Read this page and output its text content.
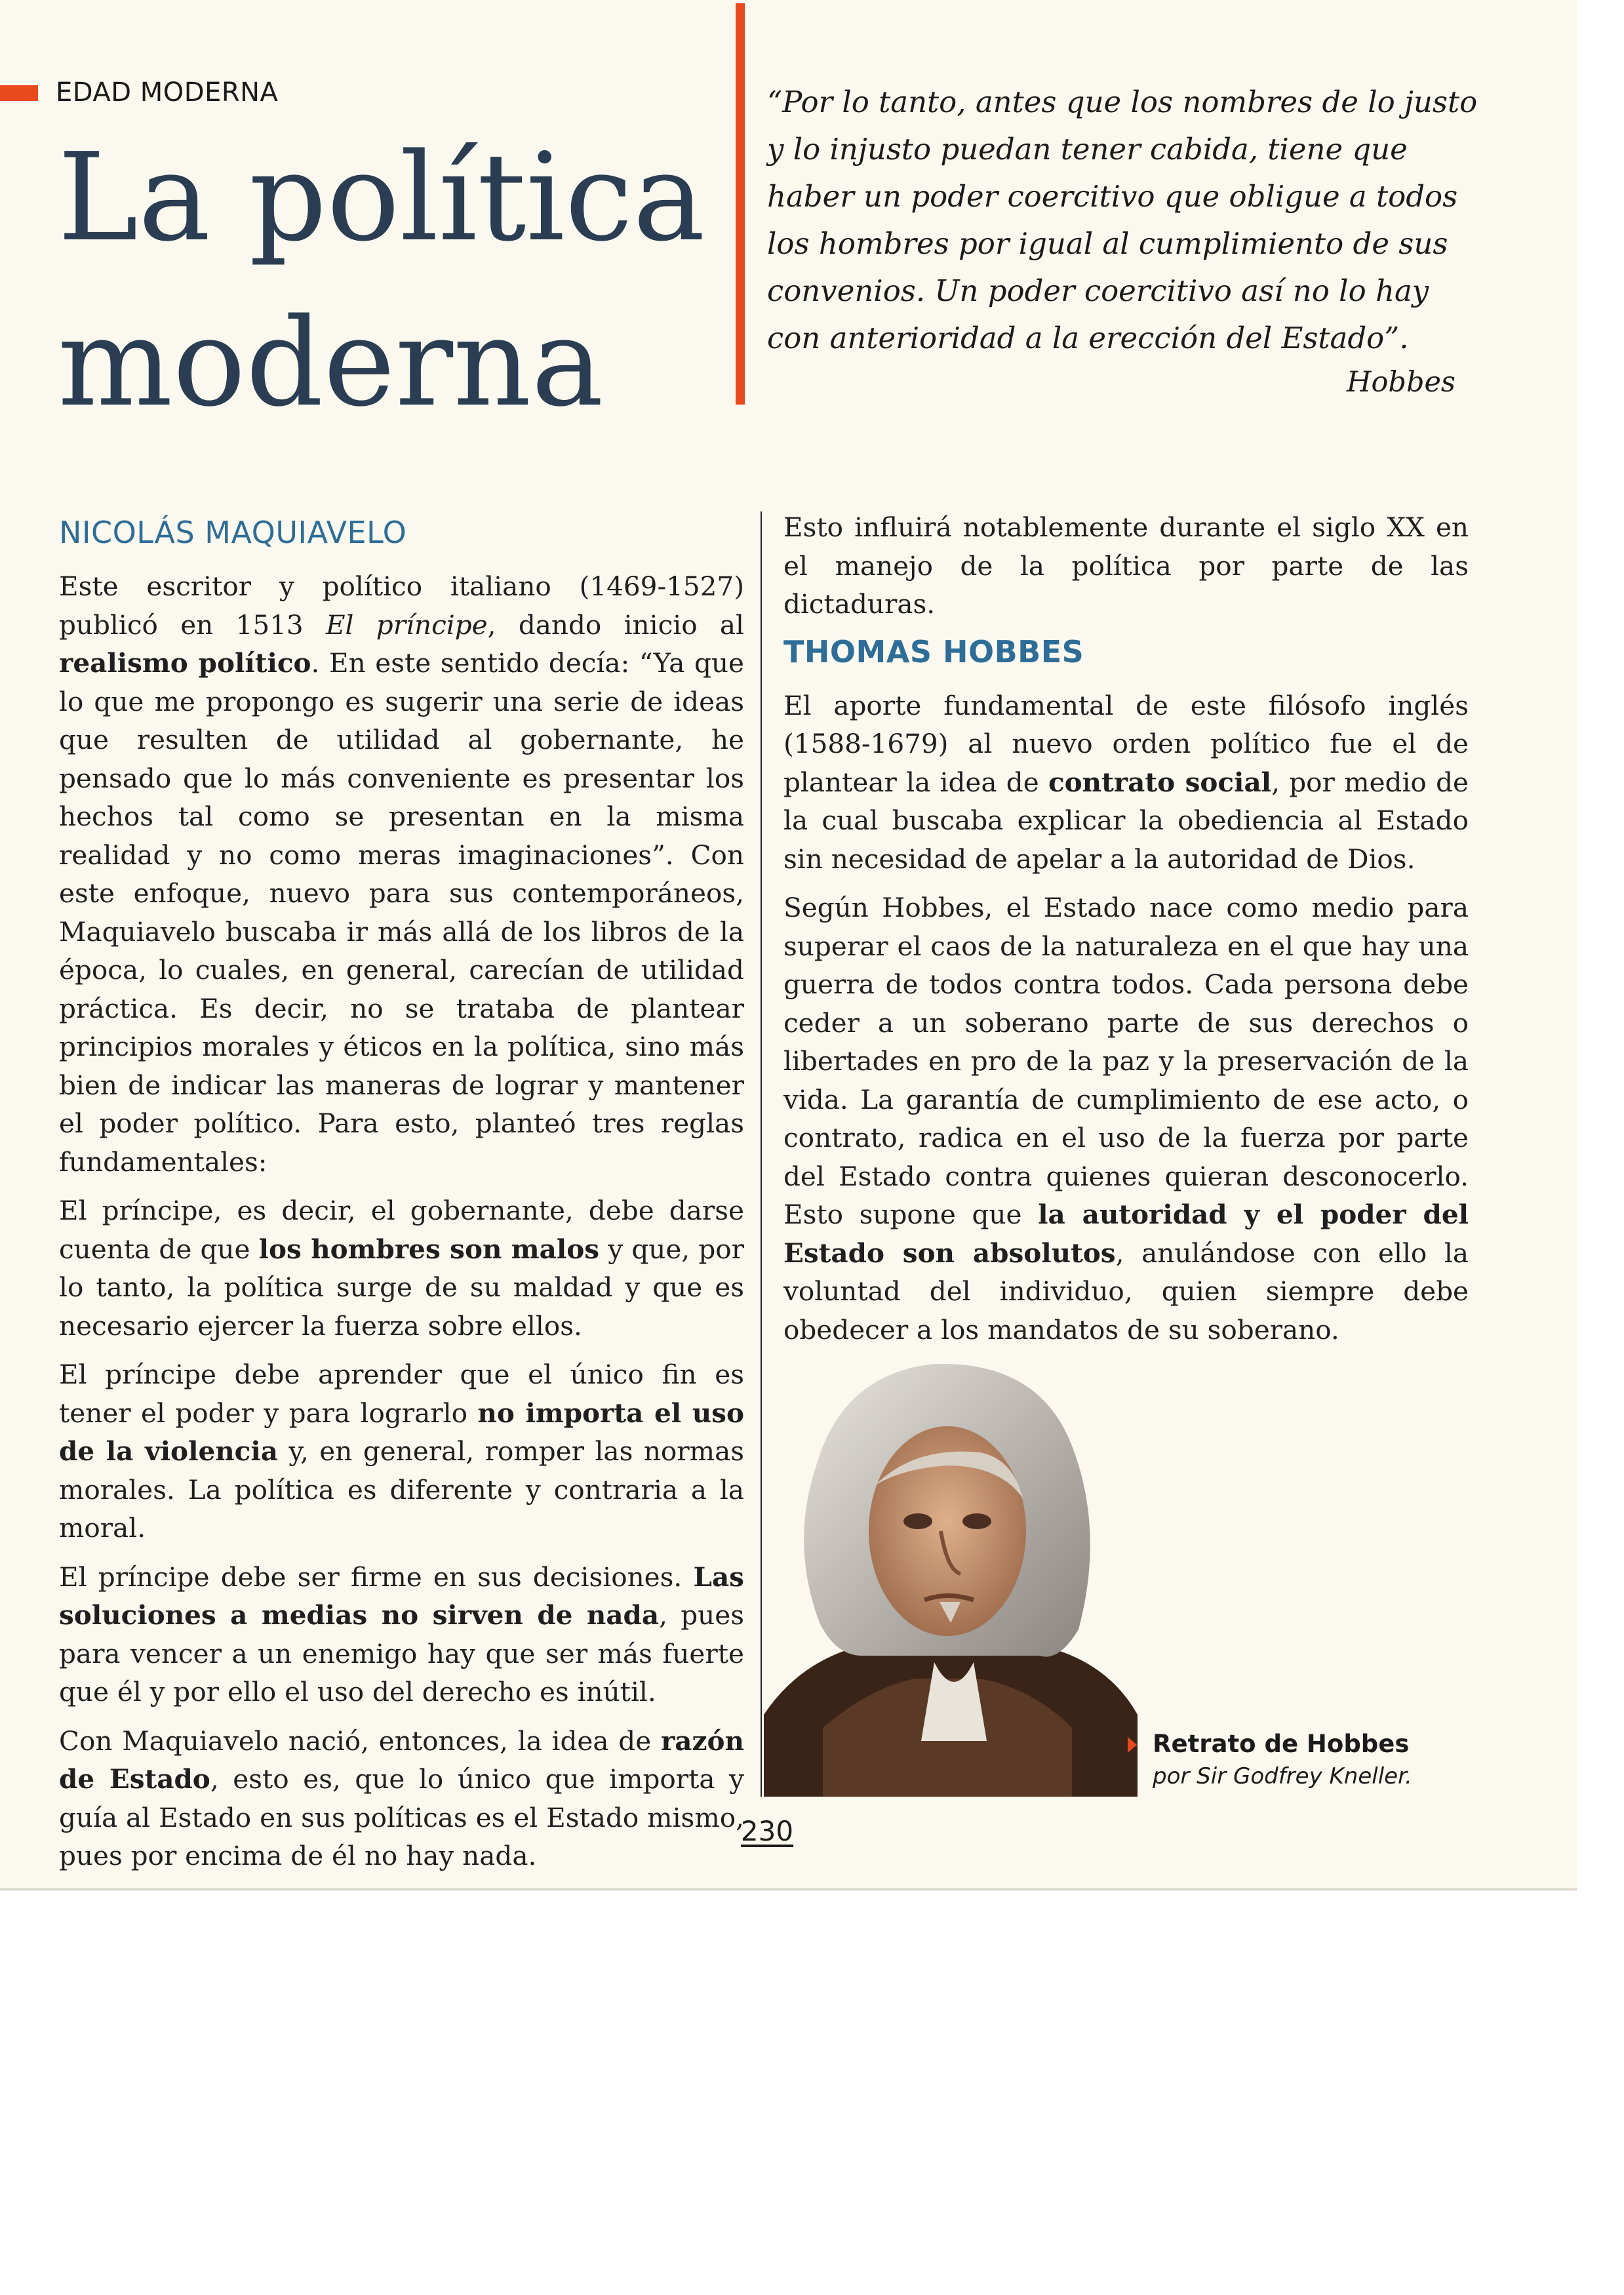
EDAD MODERNA
La política
moderna
“Por lo tanto, antes que los nombres de lo justo y lo injusto puedan tener cabida, tiene que haber un poder coercitivo que obligue a todos los hombres por igual al cumplimiento de sus convenios. Un poder coercitivo así no lo hay con anterioridad a la erección del Estado”.
Hobbes
NICOLÁS MAQUIAVELO

Este escritor y político italiano (1469-1527) publicó en 1513 El príncipe, dando inicio al realismo político. En este sentido decía: “Ya que lo que me propongo es sugerir una serie de ideas que resulten de utilidad al gobernante, he pensado que lo más conveniente es presentar los hechos tal como se presentan en la misma realidad y no como meras imaginaciones”. Con este enfoque, nuevo para sus contemporáneos, Maquiavelo buscaba ir más allá de los libros de la época, lo cuales, en general, carecían de utilidad práctica. Es decir, no se trataba de plantear principios morales y éticos en la política, sino más bien de indicar las maneras de lograr y mantener el poder político. Para esto, planteó tres reglas fundamentales:

El príncipe, es decir, el gobernante, debe darse cuenta de que los hombres son malos y que, por lo tanto, la política surge de su maldad y que es necesario ejercer la fuerza sobre ellos.

El príncipe debe aprender que el único fin es tener el poder y para lograrlo no importa el uso de la violencia y, en general, romper las normas morales. La política es diferente y contraria a la moral.

El príncipe debe ser firme en sus decisiones. Las soluciones a medias no sirven de nada, pues para vencer a un enemigo hay que ser más fuerte que él y por ello el uso del derecho es inútil.

Con Maquiavelo nació, entonces, la idea de razón de Estado, esto es, que lo único que importa y guía al Estado en sus políticas es el Estado mismo, pues por encima de él no hay nada.

Esto influirá notablemente durante el siglo XX en el manejo de la política por parte de las dictaduras.

THOMAS HOBBES

El aporte fundamental de este filósofo inglés (1588-1679) al nuevo orden político fue el de plantear la idea de contrato social, por medio de la cual buscaba explicar la obediencia al Estado sin necesidad de apelar a la autoridad de Dios.

Según Hobbes, el Estado nace como medio para superar el caos de la naturaleza en el que hay una guerra de todos contra todos. Cada persona debe ceder a un soberano parte de sus derechos o libertades en pro de la paz y la preservación de la vida. La garantía de cumplimiento de ese acto, o contrato, radica en el uso de la fuerza por parte del Estado contra quienes quieran desconocerlo. Esto supone que la autoridad y el poder del Estado son absolutos, anulándose con ello la voluntad del individuo, quien siempre debe obedecer a los mandatos de su soberano.

Retrato de Hobbes
por Sir Godfrey Kneller.
230
